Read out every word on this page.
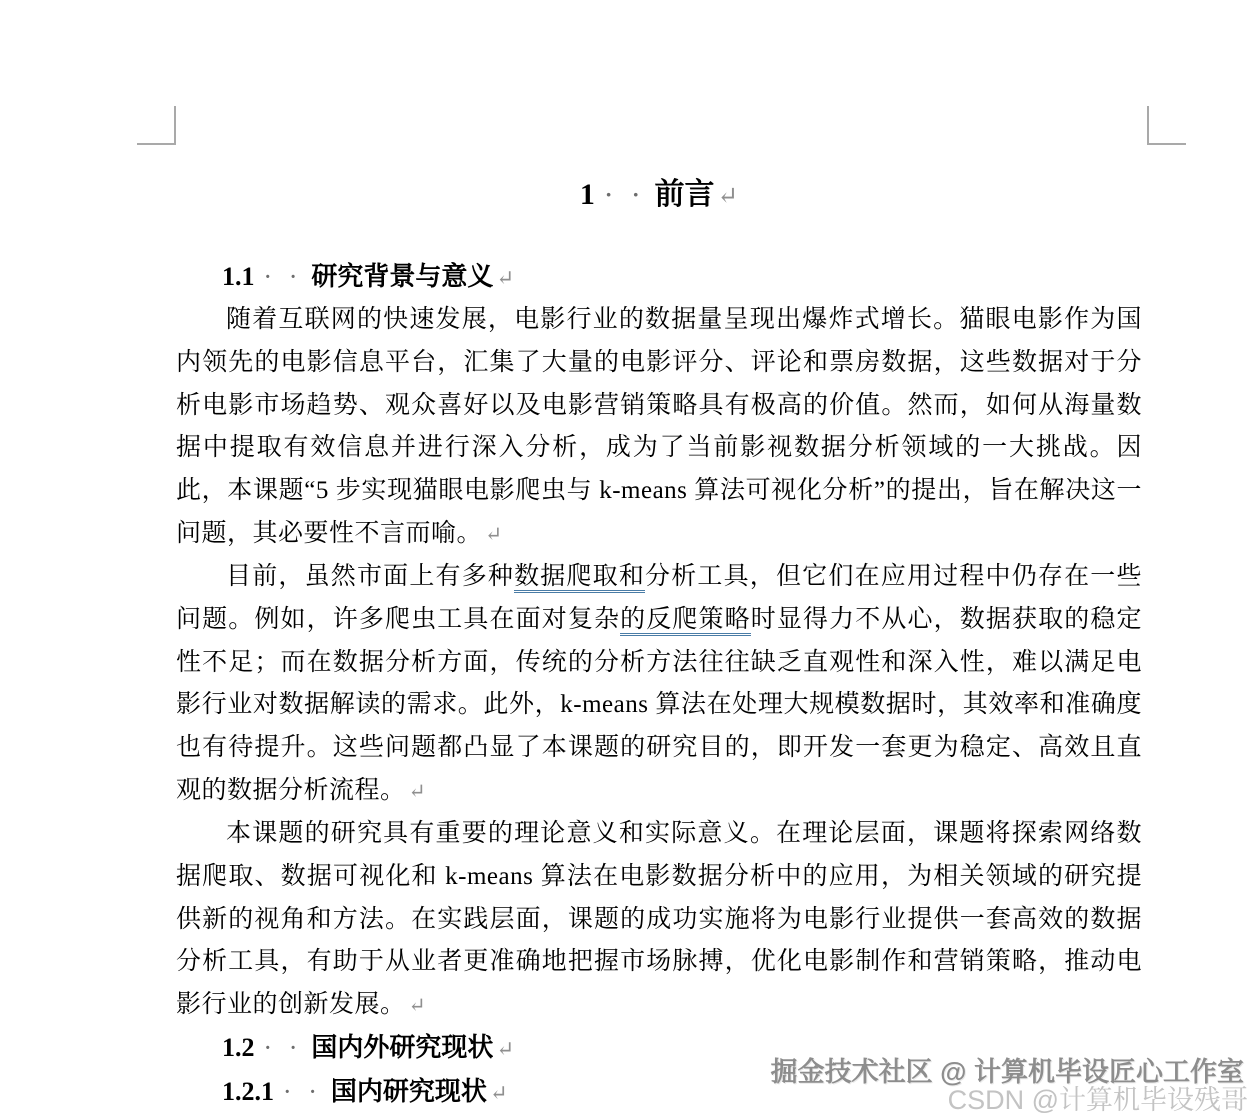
1 · · 前言 ↵
1.1 · · 研究背景与意义 ↵

随着互联网的快速发展，电影行业的数据量呈现出爆炸式增长。猫眼电影作为国内领先的电影信息平台，汇集了大量的电影评分、评论和票房数据，这些数据对于分析电影市场趋势、观众喜好以及电影营销策略具有极高的价值。然而，如何从海量数据中提取有效信息并进行深入分析，成为了当前影视数据分析领域的一大挑战。因此，本课题“5 步实现猫眼电影爬虫与 k-means 算法可视化分析”的提出，旨在解决这一问题，其必要性不言而喻。 ↵

目前，虽然市面上有多种数据爬取和分析工具，但它们在应用过程中仍存在一些问题。例如，许多爬虫工具在面对复杂的反爬策略时显得力不从心，数据获取的稳定性不足；而在数据分析方面，传统的分析方法往往缺乏直观性和深入性，难以满足电影行业对数据解读的需求。此外，k-means 算法在处理大规模数据时，其效率和准确度也有待提升。这些问题都凸显了本课题的研究目的，即开发一套更为稳定、高效且直观的数据分析流程。 ↵

本课题的研究具有重要的理论意义和实际意义。在理论层面，课题将探索网络数据爬取、数据可视化和 k-means 算法在电影数据分析中的应用，为相关领域的研究提供新的视角和方法。在实践层面，课题的成功实施将为电影行业提供一套高效的数据分析工具，有助于从业者更准确地把握市场脉搏，优化电影制作和营销策略，推动电影行业的创新发展。 ↵

1.2 · · 国内外研究现状 ↵
1.2.1 · · 国内研究现状 ↵
掘金技术社区 @ 计算机毕设匠心工作室
CSDN @计算机毕设残哥
